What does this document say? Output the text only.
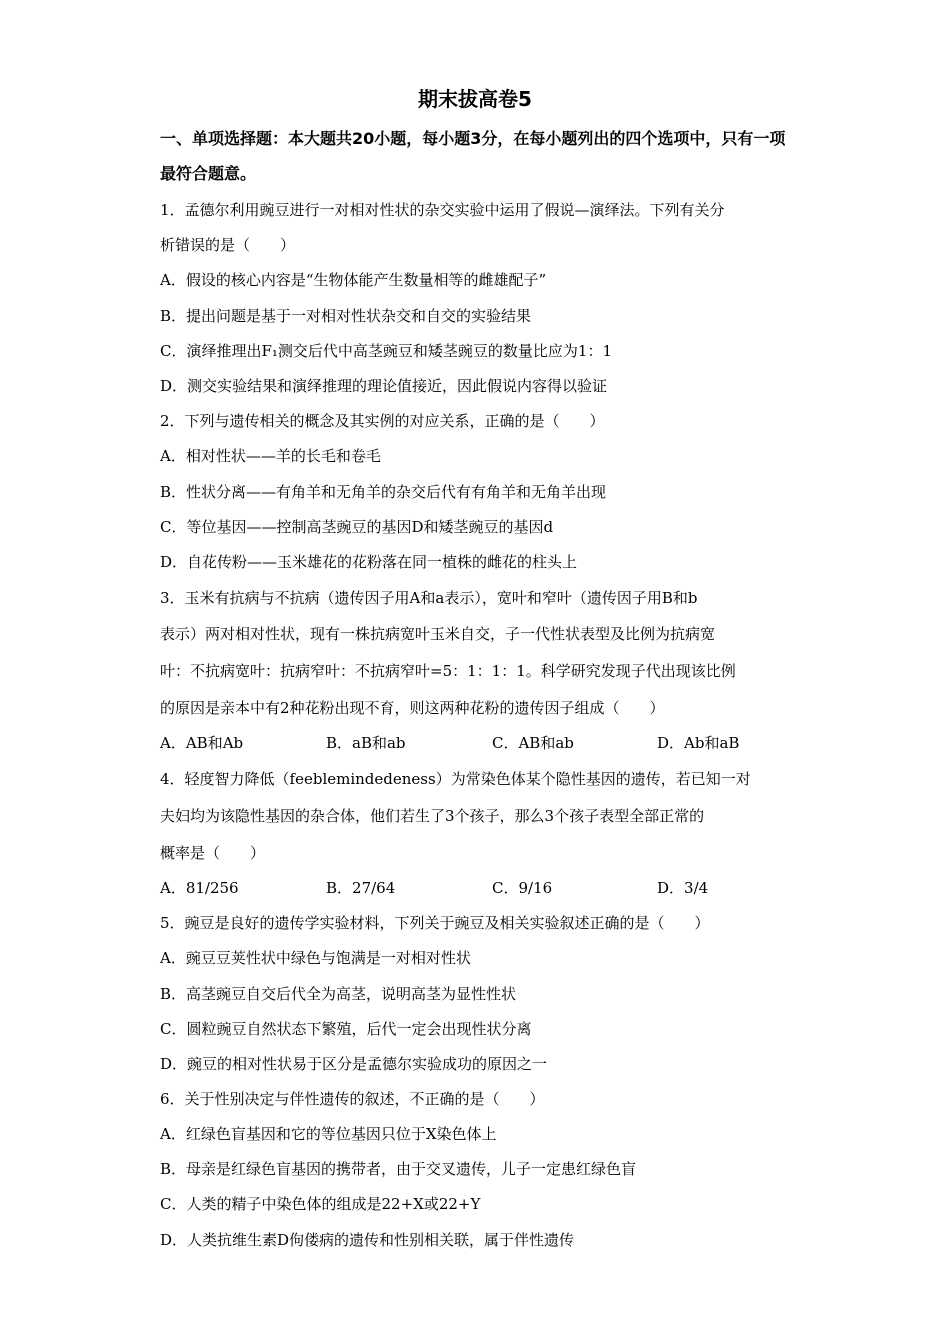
期末拔高卷5
一、单项选择题：本大题共20小题，每小题3分，在每小题列出的四个选项中，只有一项最符合题意。
1．孟德尔利用豌豆进行一对相对性状的杂交实验中运用了假说—演绎法。下列有关分
析错误的是（　　）
A．假设的核心内容是“生物体能产生数量相等的雌雄配子”
B．提出问题是基于一对相对性状杂交和自交的实验结果
C．演绎推理出F₁测交后代中高茎豌豆和矮茎豌豆的数量比应为1：1
D．测交实验结果和演绎推理的理论值接近，因此假说内容得以验证
2．下列与遗传相关的概念及其实例的对应关系，正确的是（　　）
A．相对性状——羊的长毛和卷毛
B．性状分离——有角羊和无角羊的杂交后代有有角羊和无角羊出现
C．等位基因——控制高茎豌豆的基因D和矮茎豌豆的基因d
D．自花传粉——玉米雄花的花粉落在同一植株的雌花的柱头上
3．玉米有抗病与不抗病（遗传因子用A和a表示），宽叶和窄叶（遗传因子用B和b
表示）两对相对性状，现有一株抗病宽叶玉米自交，子一代性状表型及比例为抗病宽
叶：不抗病宽叶：抗病窄叶：不抗病窄叶=5：1：1：1。科学研究发现子代出现该比例
的原因是亲本中有2种花粉出现不育，则这两种花粉的遗传因子组成（　　）
A．AB和Ab	B．aB和ab	C．AB和ab	D．Ab和aB
4．轻度智力降低（feeblemindedeness）为常染色体某个隐性基因的遗传，若已知一对
夫妇均为该隐性基因的杂合体，他们若生了3个孩子，那么3个孩子表型全部正常的
概率是（　　）
A．81/256	B．27/64	C．9/16	D．3/4
5．豌豆是良好的遗传学实验材料，下列关于豌豆及相关实验叙述正确的是（　　）
A．豌豆豆荚性状中绿色与饱满是一对相对性状
B．高茎豌豆自交后代全为高茎，说明高茎为显性性状
C．圆粒豌豆自然状态下繁殖，后代一定会出现性状分离
D．豌豆的相对性状易于区分是孟德尔实验成功的原因之一
6．关于性别决定与伴性遗传的叙述，不正确的是（　　）
A．红绿色盲基因和它的等位基因只位于X染色体上
B．母亲是红绿色盲基因的携带者，由于交叉遗传，儿子一定患红绿色盲
C．人类的精子中染色体的组成是22+X或22+Y
D．人类抗维生素D佝偻病的遗传和性别相关联，属于伴性遗传
